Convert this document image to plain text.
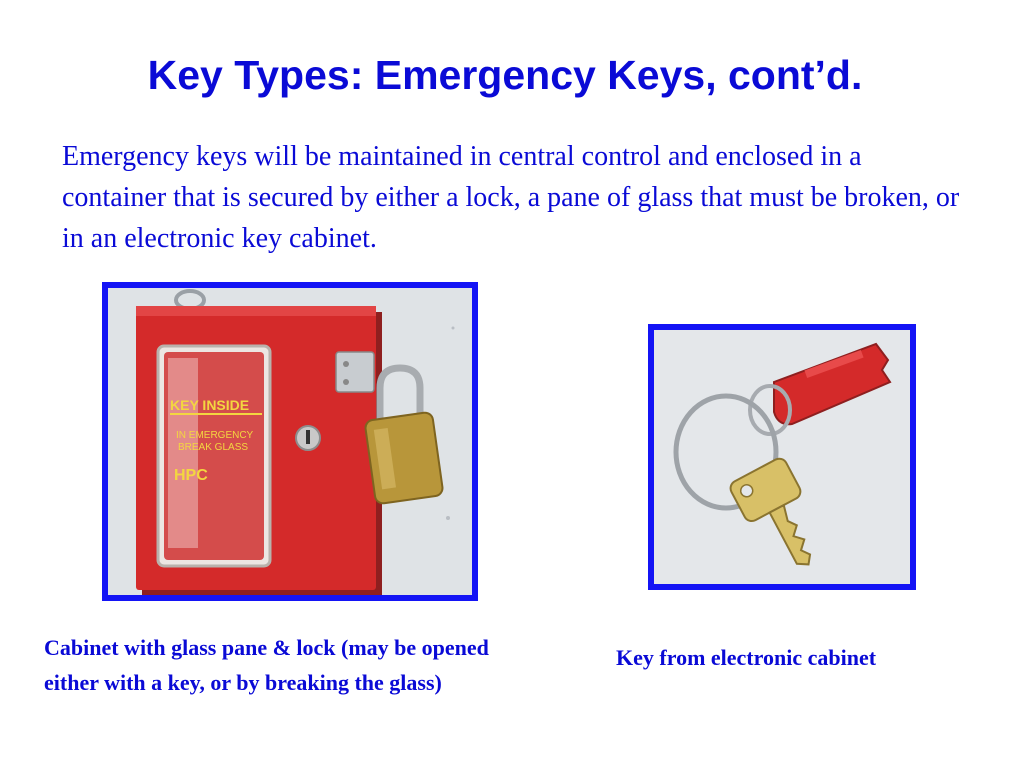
Key Types: Emergency Keys, cont’d.
Emergency keys will be maintained in central control and enclosed in a container that is secured by either a lock, a pane of glass that must be broken, or in an electronic key cabinet.
KEY INSIDE
IN EMERGENCY
BREAK GLASS
HPC
Cabinet with glass pane & lock (may be opened either with a key, or by breaking the glass)
Key from electronic cabinet
